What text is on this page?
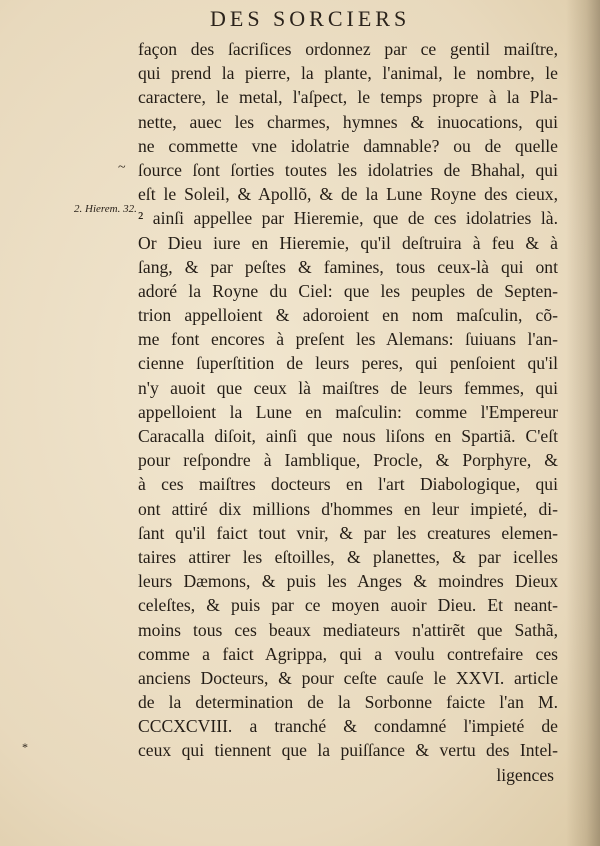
DES SORCIERS
2. Hierem. 32.
~
*
façon des ſacriſices ordonnez par ce gentil maiſtre,
qui prend la pierre, la plante, l'animal, le nombre, le
caractere, le metal, l'aſpect, le temps propre à la Pla-
nette, auec les charmes, hymnes & inuocations, qui
ne commette vne idolatrie damnable? ou de quelle
ſource ſont ſorties toutes les idolatries de Bhahal, qui
eſt le Soleil, & Apollõ, & de la Lune Royne des cieux,
² ainſi appellee par Hieremie, que de ces idolatries là.
Or Dieu iure en Hieremie, qu'il deſtruira à feu & à
ſang, & par peſtes & famines, tous ceux-là qui ont
adoré la Royne du Ciel: que les peuples de Septen-
trion appelloient & adoroient en nom maſculin, cõ-
me font encores à preſent les Alemans: ſuiuans l'an-
cienne ſuperſtition de leurs peres, qui penſoient qu'il
n'y auoit que ceux là maiſtres de leurs femmes, qui
appelloient la Lune en maſculin: comme l'Empereur
Caracalla diſoit, ainſi que nous liſons en Spartiã. C'eſt
pour reſpondre à Iamblique, Procle, & Porphyre, &
à ces maiſtres docteurs en l'art Diabologique, qui
ont attiré dix millions d'hommes en leur impieté, di-
ſant qu'il faict tout vnir, & par les creatures elemen-
taires attirer les eſtoilles, & planettes, & par icelles
leurs Dæmons, & puis les Anges & moindres Dieux
celeſtes, & puis par ce moyen auoir Dieu. Et neant-
moins tous ces beaux mediateurs n'attirẽt que Sathã,
comme a faict Agrippa, qui a voulu contrefaire ces
anciens Docteurs, & pour ceſte cauſe le XXVI. article
de la determination de la Sorbonne faicte l'an M.
CCCXCVIII. a tranché & condamné l'impieté de
ceux qui tiennent que la puiſſance & vertu des Intel-
ligences
